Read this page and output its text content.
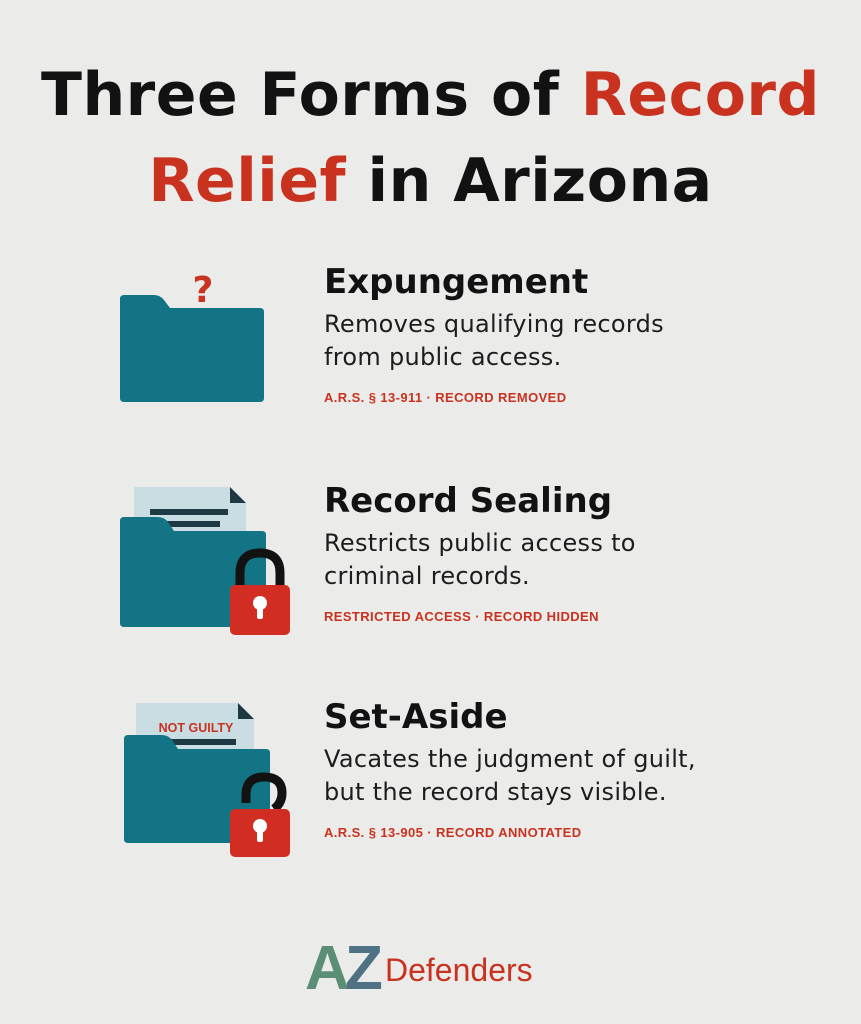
Three Forms of Record
Relief in Arizona
?	Expungement

Removes qualifying records
from public access.

A.R.S. § 13-911 · RECORD REMOVED
Record Sealing

Restricts public access to
criminal records.

RESTRICTED ACCESS · RECORD HIDDEN
NOT GUILTY	Set-Aside

Vacates the judgment of guilt,
but the record stays visible.

A.R.S. § 13-905 · RECORD ANNOTATED
A
Z Defenders
